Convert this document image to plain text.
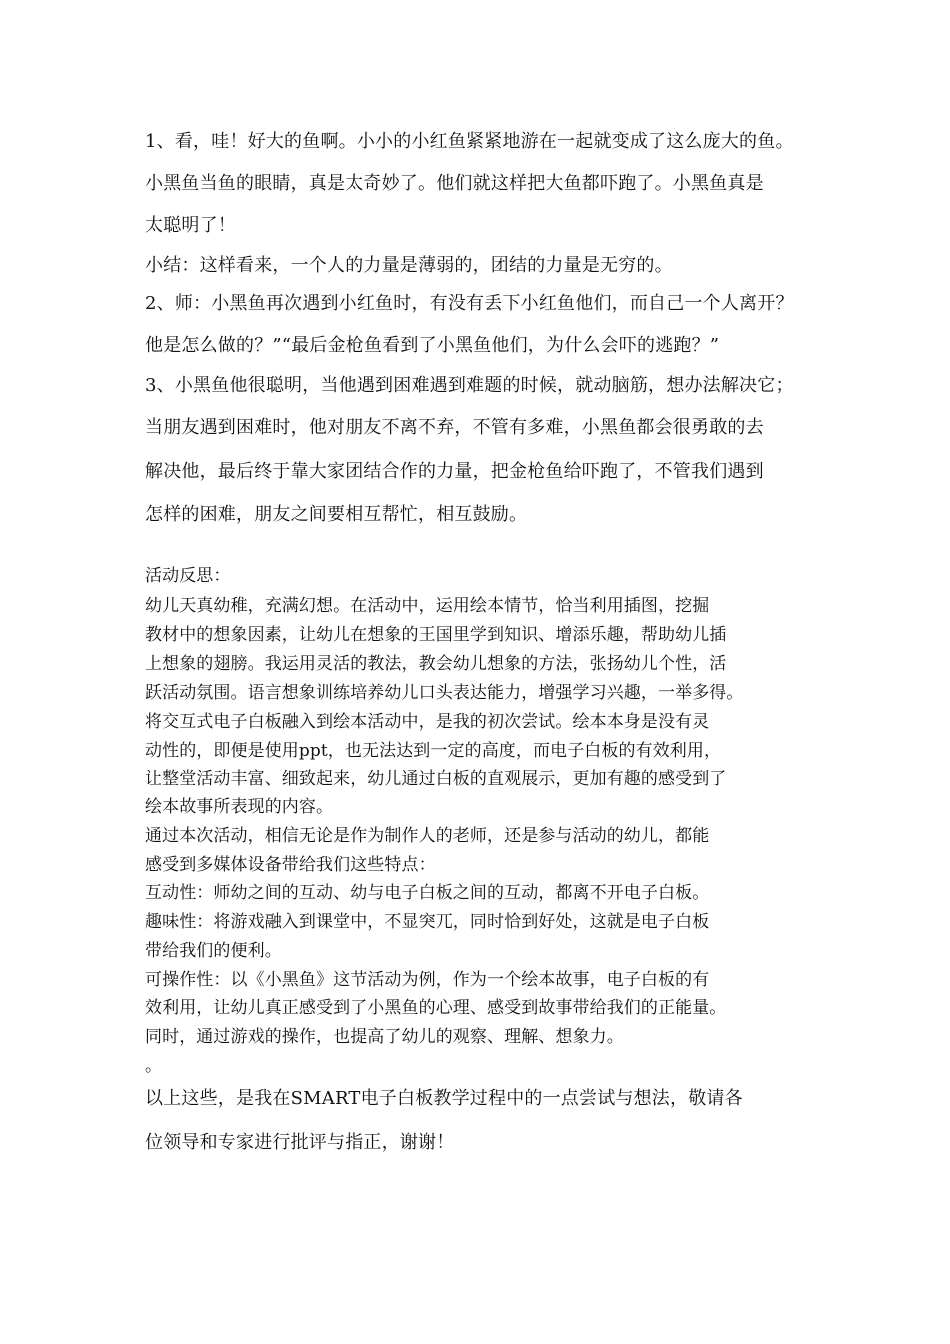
1、看，哇！好大的鱼啊。小小的小红鱼紧紧地游在一起就变成了这么庞大的鱼。
小黑鱼当鱼的眼睛，真是太奇妙了。他们就这样把大鱼都吓跑了。小黑鱼真是
太聪明了！
小结：这样看来，一个人的力量是薄弱的，团结的力量是无穷的。
2、师：小黑鱼再次遇到小红鱼时，有没有丢下小红鱼他们，而自己一个人离开？
他是怎么做的？”“最后金枪鱼看到了小黑鱼他们，为什么会吓的逃跑？”
3、小黑鱼他很聪明，当他遇到困难遇到难题的时候，就动脑筋，想办法解决它；
当朋友遇到困难时，他对朋友不离不弃，不管有多难，小黑鱼都会很勇敢的去
解决他，最后终于靠大家团结合作的力量，把金枪鱼给吓跑了，不管我们遇到
怎样的困难，朋友之间要相互帮忙，相互鼓励。
活动反思：
幼儿天真幼稚，充满幻想。在活动中，运用绘本情节，恰当利用插图，挖掘
教材中的想象因素，让幼儿在想象的王国里学到知识、增添乐趣，帮助幼儿插
上想象的翅膀。我运用灵活的教法，教会幼儿想象的方法，张扬幼儿个性，活
跃活动氛围。语言想象训练培养幼儿口头表达能力，增强学习兴趣，一举多得。
将交互式电子白板融入到绘本活动中，是我的初次尝试。绘本本身是没有灵
动性的，即便是使用ppt，也无法达到一定的高度，而电子白板的有效利用，
让整堂活动丰富、细致起来，幼儿通过白板的直观展示，更加有趣的感受到了
绘本故事所表现的内容。
通过本次活动，相信无论是作为制作人的老师，还是参与活动的幼儿，都能
感受到多媒体设备带给我们这些特点：
互动性：师幼之间的互动、幼与电子白板之间的互动，都离不开电子白板。
趣味性：将游戏融入到课堂中，不显突兀，同时恰到好处，这就是电子白板
带给我们的便利。
可操作性：以《小黑鱼》这节活动为例，作为一个绘本故事，电子白板的有
效利用，让幼儿真正感受到了小黑鱼的心理、感受到故事带给我们的正能量。
同时，通过游戏的操作，也提高了幼儿的观察、理解、想象力。
。
以上这些，是我在SMART电子白板教学过程中的一点尝试与想法，敬请各
位领导和专家进行批评与指正，谢谢！
